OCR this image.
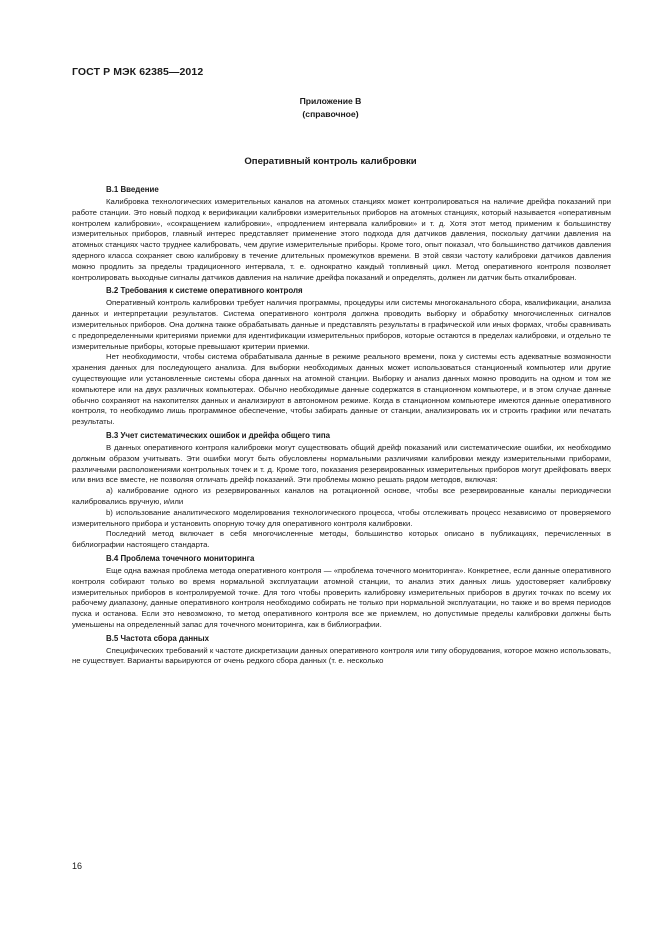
ГОСТ Р МЭК 62385—2012
Приложение В
(справочное)
Оперативный контроль калибровки
В.1 Введение

Калибровка технологических измерительных каналов на атомных станциях может контролироваться на наличие дрейфа показаний при работе станции. Это новый подход к верификации калибровки измерительных приборов на атомных станциях, который называется «оперативным контролем калибровки», «сокращением калибровки», «продлением интервала калибровки» и т. д. Хотя этот метод применим к большинству измерительных приборов, главный интерес представляет применение этого подхода для датчиков давления, поскольку датчики давления на атомных станциях часто труднее калибровать, чем другие измерительные приборы. Кроме того, опыт показал, что большинство датчиков давления ядерного класса сохраняет свою калибровку в течение длительных промежутков времени. В этой связи частоту калибровки датчиков давления можно продлить за пределы традиционного интервала, т. е. однократно каждый топливный цикл. Метод оперативного контроля позволяет контролировать выходные сигналы датчиков давления на наличие дрейфа показаний и определять, должен ли датчик быть откалиброван.

В.2 Требования к системе оперативного контроля

Оперативный контроль калибровки требует наличия программы, процедуры или системы многоканального сбора, квалификации, анализа данных и интерпретации результатов. Система оперативного контроля должна проводить выборку и обработку многочисленных сигналов измерительных приборов. Она должна также обрабатывать данные и представлять результаты в графической или иных формах, чтобы сравнивать с предопределенными критериями приемки для идентификации измерительных приборов, которые остаются в пределах калибровки, и отдельно те измерительные приборы, которые превышают критерии приемки.

Нет необходимости, чтобы система обрабатывала данные в режиме реального времени, пока у системы есть адекватные возможности хранения данных для последующего анализа. Для выборки необходимых данных может использоваться станционный компьютер или другие существующие или установленные системы сбора данных на атомной станции. Выборку и анализ данных можно проводить на одном и том же компьютере или на двух различных компьютерах. Обычно необходимые данные содержатся в станционном компьютере, и в этом случае данные обычно сохраняют на накопителях данных и анализируют в автономном режиме. Когда в станционном компьютере имеются данные оперативного контроля, то необходимо лишь программное обеспечение, чтобы забирать данные от станции, анализировать их и строить графики или печатать результаты.

В.3 Учет систематических ошибок и дрейфа общего типа

В данных оперативного контроля калибровки могут существовать общий дрейф показаний или систематические ошибки, их необходимо должным образом учитывать. Эти ошибки могут быть обусловлены нормальными различиями калибровки между измерительными приборами, различными расположениями контрольных точек и т. д. Кроме того, показания резервированных измерительных приборов могут дрейфовать вверх или вниз все вместе, не позволяя отличать дрейф показаний. Эти проблемы можно решать рядом методов, включая:

а) калибрование одного из резервированных каналов на ротационной основе, чтобы все резервированные каналы периодически калибровались вручную, и/или

b) использование аналитического моделирования технологического процесса, чтобы отслеживать процесс независимо от проверяемого измерительного прибора и установить опорную точку для оперативного контроля калибровки.

Последний метод включает в себя многочисленные методы, большинство которых описано в публикациях, перечисленных в библиографии настоящего стандарта.

В.4 Проблема точечного мониторинга

Еще одна важная проблема метода оперативного контроля — «проблема точечного мониторинга». Конкретнее, если данные оперативного контроля собирают только во время нормальной эксплуатации атомной станции, то анализ этих данных лишь удостоверяет калибровку измерительных приборов в контролируемой точке. Для того чтобы проверить калибровку измерительных приборов в других точках по всему их рабочему диапазону, данные оперативного контроля необходимо собирать не только при нормальной эксплуатации, но также и во время периодов пуска и останова. Если это невозможно, то метод оперативного контроля все же приемлем, но допустимые пределы калибровки должны быть уменьшены на определенный запас для точечного мониторинга, как в библиографии.

В.5 Частота сбора данных

Специфических требований к частоте дискретизации данных оперативного контроля или типу оборудования, которое можно использовать, не существует. Варианты варьируются от очень редкого сбора данных (т. е. несколько

16
